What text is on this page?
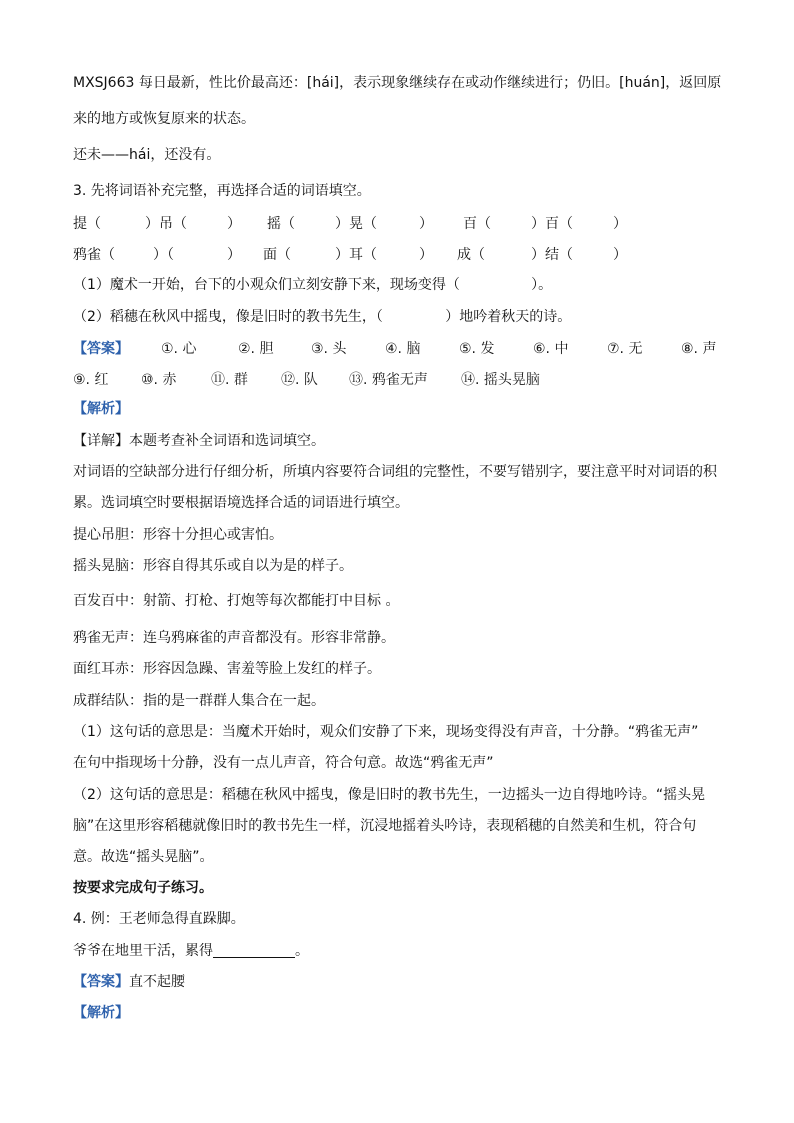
MXSJ663 每日最新，性比价最高还：[hái]，表示现象继续存在或动作继续进行；仍旧。[huán]，返回原
来的地方或恢复原来的状态。
还未——hái，还没有。
3. 先将词语补充完整，再选择合适的词语填空。
提（	）吊（	） 摇（	）晃（	） 百（	）百（	）
鸦雀（	）（	） 面（	）耳（	） 成（	）结（	）
（1）魔术一开始，台下的小观众们立刻安静下来，现场变得（                ）。
（2）稻穗在秋风中摇曳，像是旧时的教书先生，（              ）地吟着秋天的诗。
【答案】 ①. 心	②. 胆	③. 头	④. 脑	⑤. 发	⑥. 中	⑦. 无	⑧. 声
⑨. 红 ⑩. 赤 ⑪. 群 ⑫. 队 ⑬. 鸦雀无声 ⑭. 摇头晃脑
【解析】
【详解】本题考查补全词语和选词填空。
对词语的空缺部分进行仔细分析，所填内容要符合词组的完整性，不要写错别字，要注意平时对词语的积
累。选词填空时要根据语境选择合适的词语进行填空。
提心吊胆：形容十分担心或害怕。
摇头晃脑：形容自得其乐或自以为是的样子。
百发百中：射箭、打枪、打炮等每次都能打中目标 。
鸦雀无声：连乌鸦麻雀的声音都没有。形容非常静。
面红耳赤：形容因急躁、害羞等脸上发红的样子。
成群结队：指的是一群群人集合在一起。
（1）这句话的意思是：当魔术开始时，观众们安静了下来，现场变得没有声音，十分静。“鸦雀无声”
在句中指现场十分静，没有一点儿声音，符合句意。故选“鸦雀无声”
（2）这句话的意思是：稻穗在秋风中摇曳，像是旧时的教书先生，一边摇头一边自得地吟诗。“摇头晃
脑”在这里形容稻穗就像旧时的教书先生一样，沉浸地摇着头吟诗，表现稻穗的自然美和生机，符合句
意。故选“摇头晃脑”。
按要求完成句子练习。
4. 例：王老师急得直跺脚。
爷爷在地里干活，累得	。
【答案】直不起腰
【解析】
